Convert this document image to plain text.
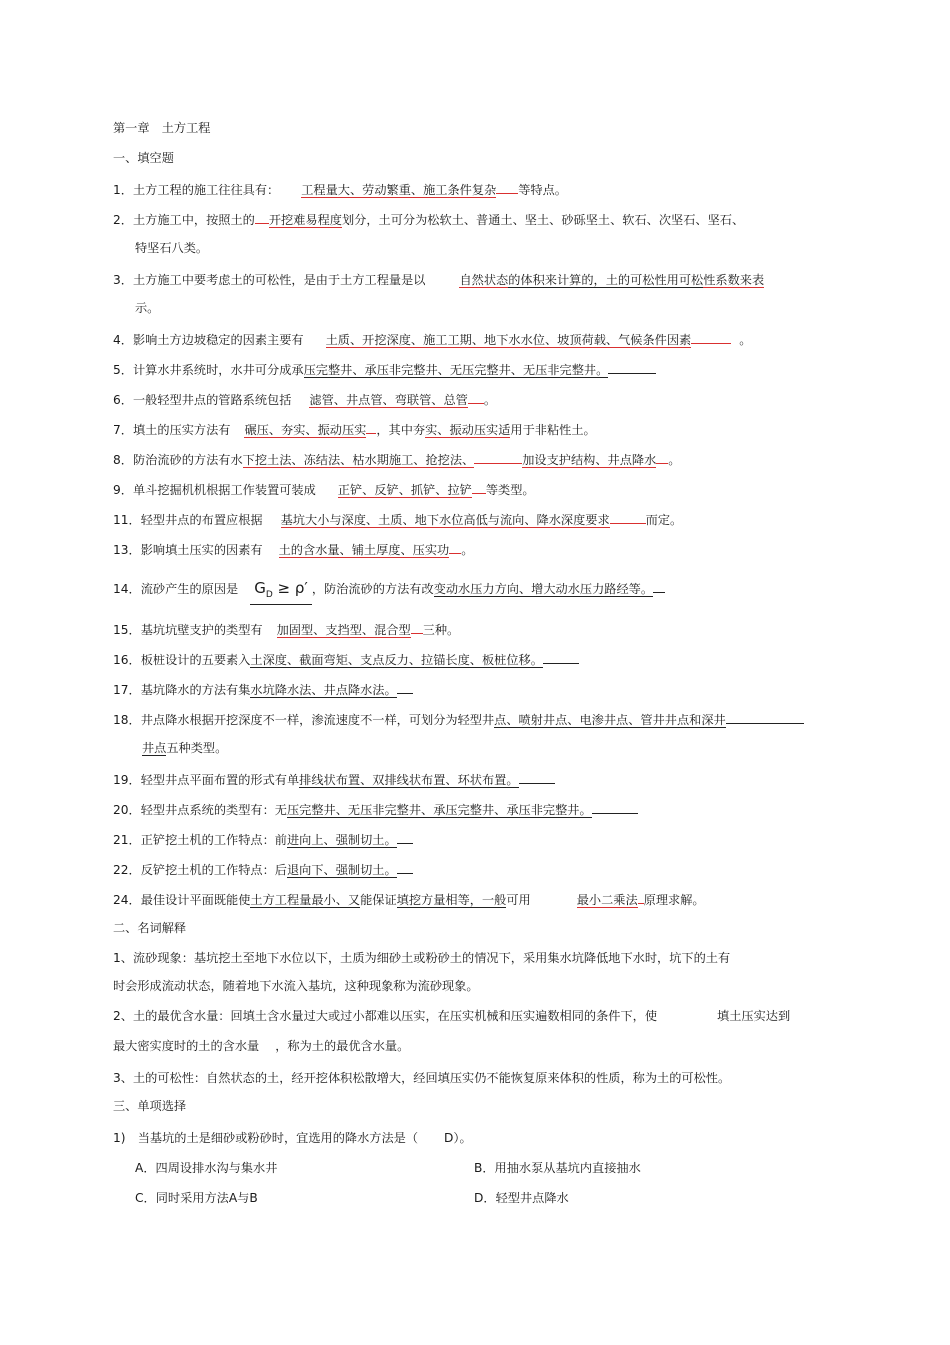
第一章　土方工程
一、填空题
1．土方工程的施工往往具有： 工程量大、劳动繁重、施工条件复杂 等特点。
2．土方施工中，按照土的 开挖难易程度划分，土可分为松软土、普通土、坚土、砂砾坚土、软石、次坚石、坚石、
特坚石八类。
3．土方施工中要考虑土的可松性，是由于土方工程量是以	自然状态的体积来计算的，土的可松性用可松性系数来表
示。
4．影响土方边坡稳定的因素主要有 土质、开挖深度、施工工期、地下水水位、坡顶荷载、气候条件因素	。
5．计算水井系统时，水井可分成承压完整井、承压非完整井、无压完整井、无压非完整井。
6．一般轻型井点的管路系统包括 滤管、井点管、弯联管、总管 。
7．填土的压实方法有 碾压、夯实、振动压实 ，其中夯实、振动压实适用于非粘性土。
8．防治流砂的方法有水下挖土法、冻结法、枯水期施工、抢挖法、	加设支护结构、井点降水 。
9．单斗挖掘机机根据工作装置可装成 正铲、反铲、抓铲、拉铲 等类型。
11．轻型井点的布置应根据 基坑大小与深度、土质、地下水位高低与流向、降水深度要求	而定。
13．影响填土压实的因素有 土的含水量、铺土厚度、压实功 。
14．流砂产生的原因是 $G_D \ge \rho'$ ，防治流砂的方法有改变动水压力方向、增大动水压力路经等。
15．基坑坑壁支护的类型有 加固型、支挡型、混合型 三种。
16．板桩设计的五要素入土深度、截面弯矩、支点反力、拉锚长度、板桩位移。
17．基坑降水的方法有集水坑降水法、井点降水法。
18．井点降水根据开挖深度不一样，渗流速度不一样，可划分为轻型井点、喷射井点、电渗井点、管井井点和深井
井点五种类型。
19．轻型井点平面布置的形式有单排线状布置、双排线状布置、环状布置。
20．轻型井点系统的类型有：无压完整井、无压非完整井、承压完整井、承压非完整井。
21．正铲挖土机的工作特点：前进向上、强制切土。
22．反铲挖土机的工作特点：后退向下、强制切土。
24．最佳设计平面既能使土方工程量最小、又能保证填挖方量相等，一般可用	最小二乘法 原理求解。
二、名词解释
1、流砂现象：基坑挖土至地下水位以下，土质为细砂土或粉砂土的情况下，采用集水坑降低地下水时，坑下的土有
时会形成流动状态，随着地下水流入基坑，这种现象称为流砂现象。
2、土的最优含水量：回填土含水量过大或过小都难以压实，在压实机械和压实遍数相同的条件下，使	填土压实达到
最大密实度时的土的含水量 ，称为土的最优含水量。
3、土的可松性：自然状态的土，经开挖体积松散增大，经回填压实仍不能恢复原来体积的性质，称为土的可松性。
三、单项选择
1)　当基坑的土是细砂或粉砂时，宜选用的降水方法是（ D）。
A．四周设排水沟与集水井	B．用抽水泵从基坑内直接抽水
C．同时采用方法A与B	D．轻型井点降水
